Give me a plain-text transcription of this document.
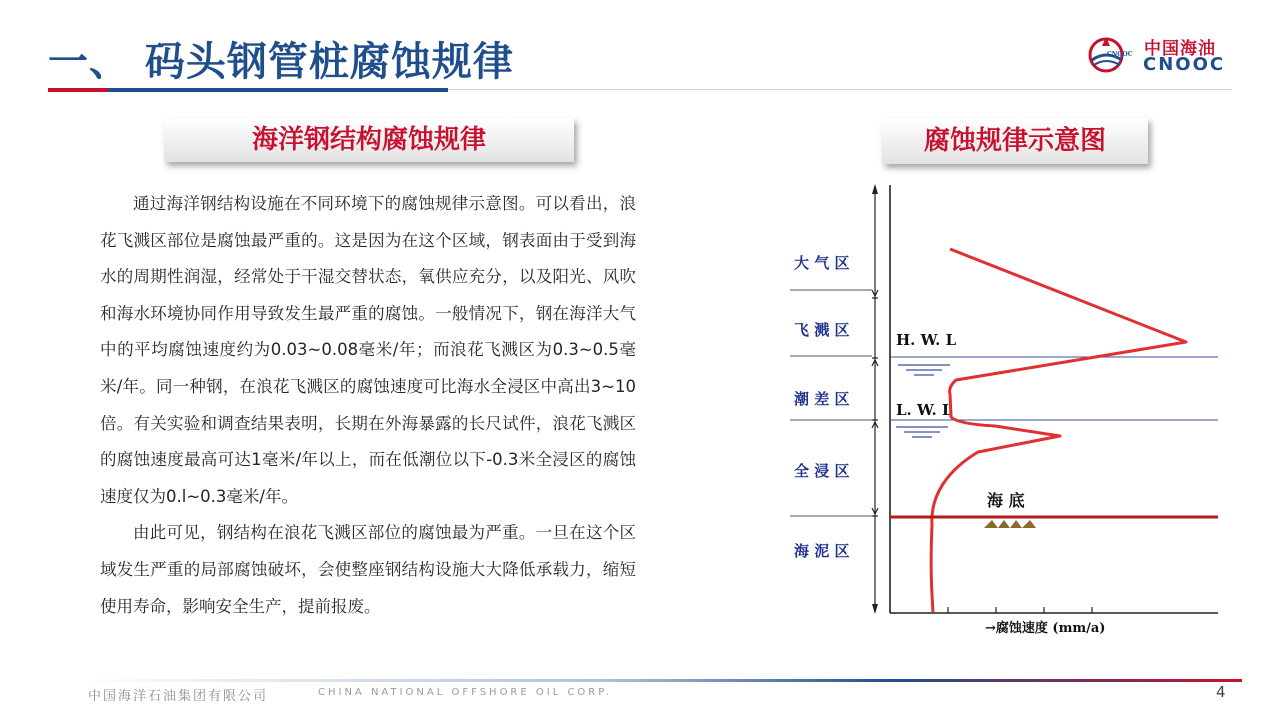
一、 码头钢管桩腐蚀规律	CNOOC 中国海油
CNOOC
海洋钢结构腐蚀规律

通过海洋钢结构设施在不同环境下的腐蚀规律示意图。可以看出，浪花飞溅区部位是腐蚀最严重的。这是因为在这个区域，钢表面由于受到海水的周期性润湿，经常处于干湿交替状态，氧供应充分，以及阳光、风吹和海水环境协同作用导致发生最严重的腐蚀。一般情况下，钢在海洋大气中的平均腐蚀速度约为0.03~0.08毫米/年；而浪花飞溅区为0.3~0.5毫米/年。同一种钢，在浪花飞溅区的腐蚀速度可比海水全浸区中高出3~10倍。有关实验和调查结果表明，长期在外海暴露的长尺试件，浪花飞溅区的腐蚀速度最高可达1毫米/年以上，而在低潮位以下-0.3米全浸区的腐蚀速度仅为0.l~0.3毫米/年。

由此可见，钢结构在浪花飞溅区部位的腐蚀最为严重。一旦在这个区域发生严重的局部腐蚀破坏，会使整座钢结构设施大大降低承载力，缩短使用寿命，影响安全生产，提前报废。

腐蚀规律示意图
大 气 区
飞 溅 区
潮 差 区
全 浸 区
海 泥 区
H. W. L
L. W. L
海 底
→腐蚀速度 (mm/a)
中国海洋石油集团有限公司	CHINA NATIONAL OFFSHORE OIL CORP.	4
